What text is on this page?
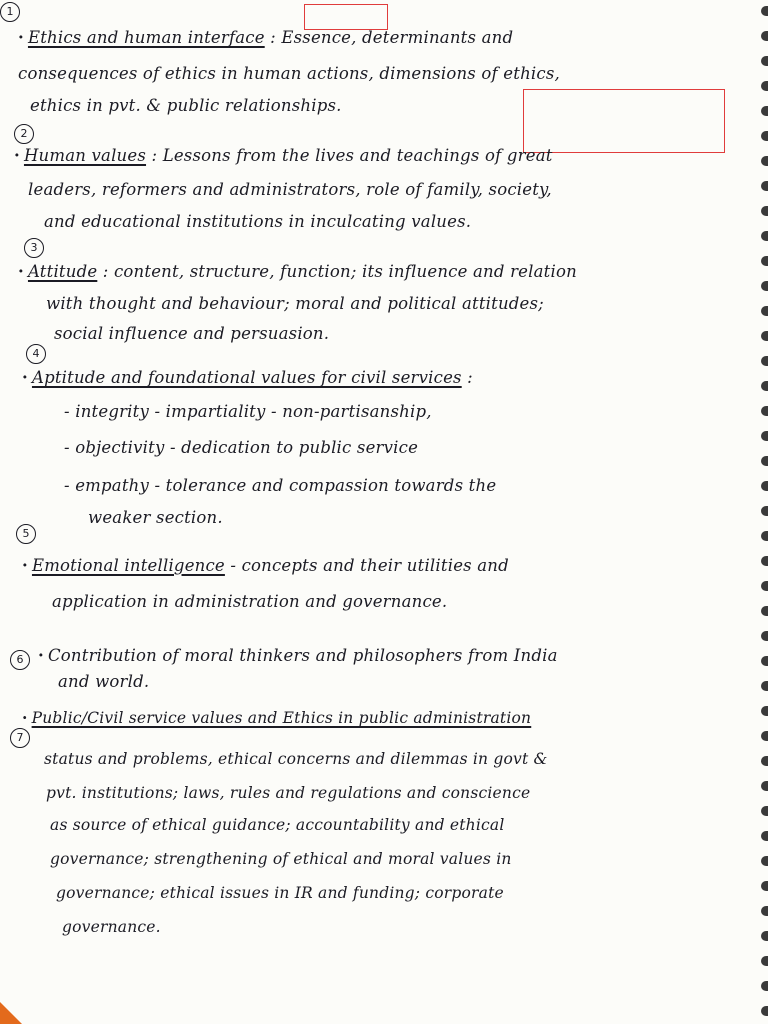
1
· Ethics and human interface : Essence, determinants and
consequences of ethics in human actions, dimensions of ethics,
ethics in pvt. & public relationships.
2
· Human values : Lessons from the lives and teachings of great
leaders, reformers and administrators, role of family, society,
and educational institutions in inculcating values.
3
· Attitude : content, structure, function; its influence and relation
with thought and behaviour; moral and political attitudes;
social influence and persuasion.
4
· Aptitude and foundational values for civil services :
- integrity - impartiality - non-partisanship,
- objectivity - dedication to public service
- empathy - tolerance and compassion towards the
weaker section.
5
· Emotional intelligence - concepts and their utilities and
application in administration and governance.
6 · Contribution of moral thinkers and philosophers from India
and world.
7
· Public/Civil service values and Ethics in public administration
status and problems, ethical concerns and dilemmas in govt &
pvt. institutions; laws, rules and regulations and conscience
as source of ethical guidance; accountability and ethical
governance; strengthening of ethical and moral values in
governance; ethical issues in IR and funding; corporate
governance.
